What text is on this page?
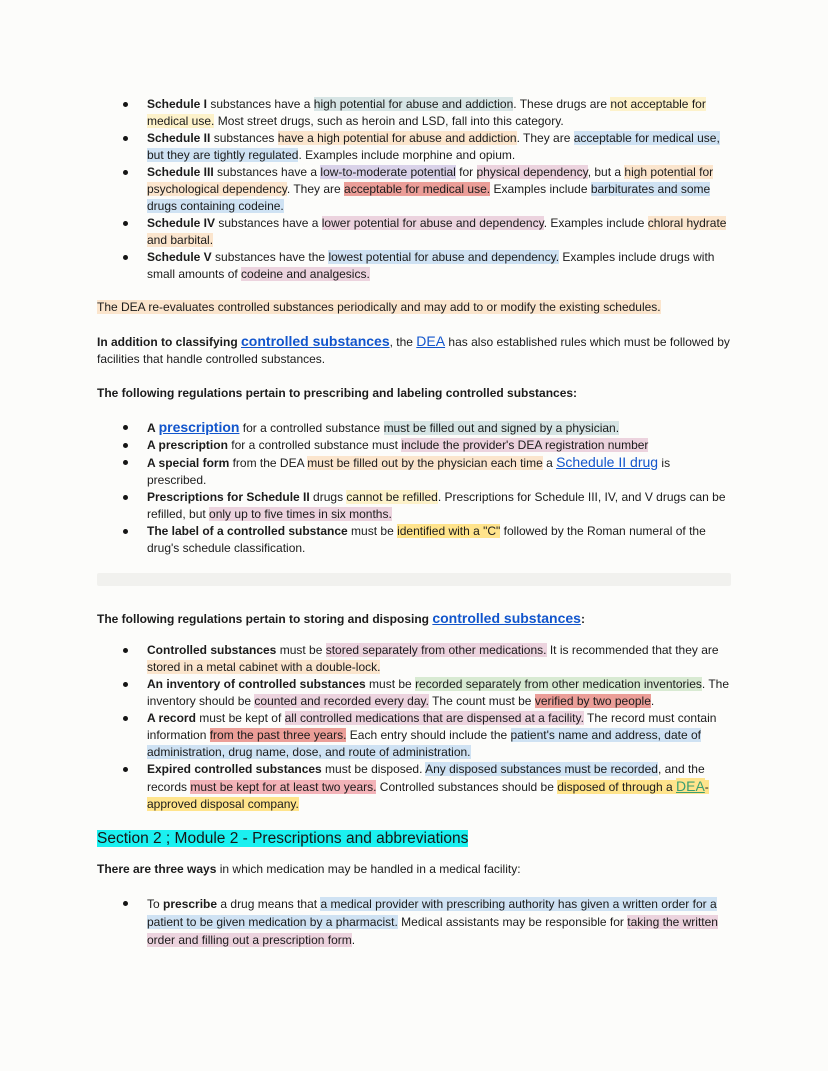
Schedule I substances have a high potential for abuse and addiction. These drugs are not acceptable for medical use. Most street drugs, such as heroin and LSD, fall into this category.
Schedule II substances have a high potential for abuse and addiction. They are acceptable for medical use, but they are tightly regulated. Examples include morphine and opium.
Schedule III substances have a low-to-moderate potential for physical dependency, but a high potential for psychological dependency. They are acceptable for medical use. Examples include barbiturates and some drugs containing codeine.
Schedule IV substances have a lower potential for abuse and dependency. Examples include chloral hydrate and barbital.
Schedule V substances have the lowest potential for abuse and dependency. Examples include drugs with small amounts of codeine and analgesics.

The DEA re-evaluates controlled substances periodically and may add to or modify the existing schedules.

In addition to classifying controlled substances, the DEA has also established rules which must be followed by facilities that handle controlled substances.

The following regulations pertain to prescribing and labeling controlled substances:

A prescription for a controlled substance must be filled out and signed by a physician.
A prescription for a controlled substance must include the provider's DEA registration number
A special form from the DEA must be filled out by the physician each time a Schedule II drug is prescribed.
Prescriptions for Schedule II drugs cannot be refilled. Prescriptions for Schedule III, IV, and V drugs can be refilled, but only up to five times in six months.
The label of a controlled substance must be identified with a "C" followed by the Roman numeral of the drug's schedule classification.

The following regulations pertain to storing and disposing controlled substances:

Controlled substances must be stored separately from other medications. It is recommended that they are stored in a metal cabinet with a double-lock.
An inventory of controlled substances must be recorded separately from other medication inventories. The inventory should be counted and recorded every day. The count must be verified by two people.
A record must be kept of all controlled medications that are dispensed at a facility. The record must contain information from the past three years. Each entry should include the patient's name and address, date of administration, drug name, dose, and route of administration.
Expired controlled substances must be disposed. Any disposed substances must be recorded, and the records must be kept for at least two years. Controlled substances should be disposed of through a DEA-approved disposal company.
Section 2 ; Module 2 - Prescriptions and abbreviations

There are three ways in which medication may be handled in a medical facility:

To prescribe a drug means that a medical provider with prescribing authority has given a written order for a patient to be given medication by a pharmacist. Medical assistants may be responsible for taking the written order and filling out a prescription form.
